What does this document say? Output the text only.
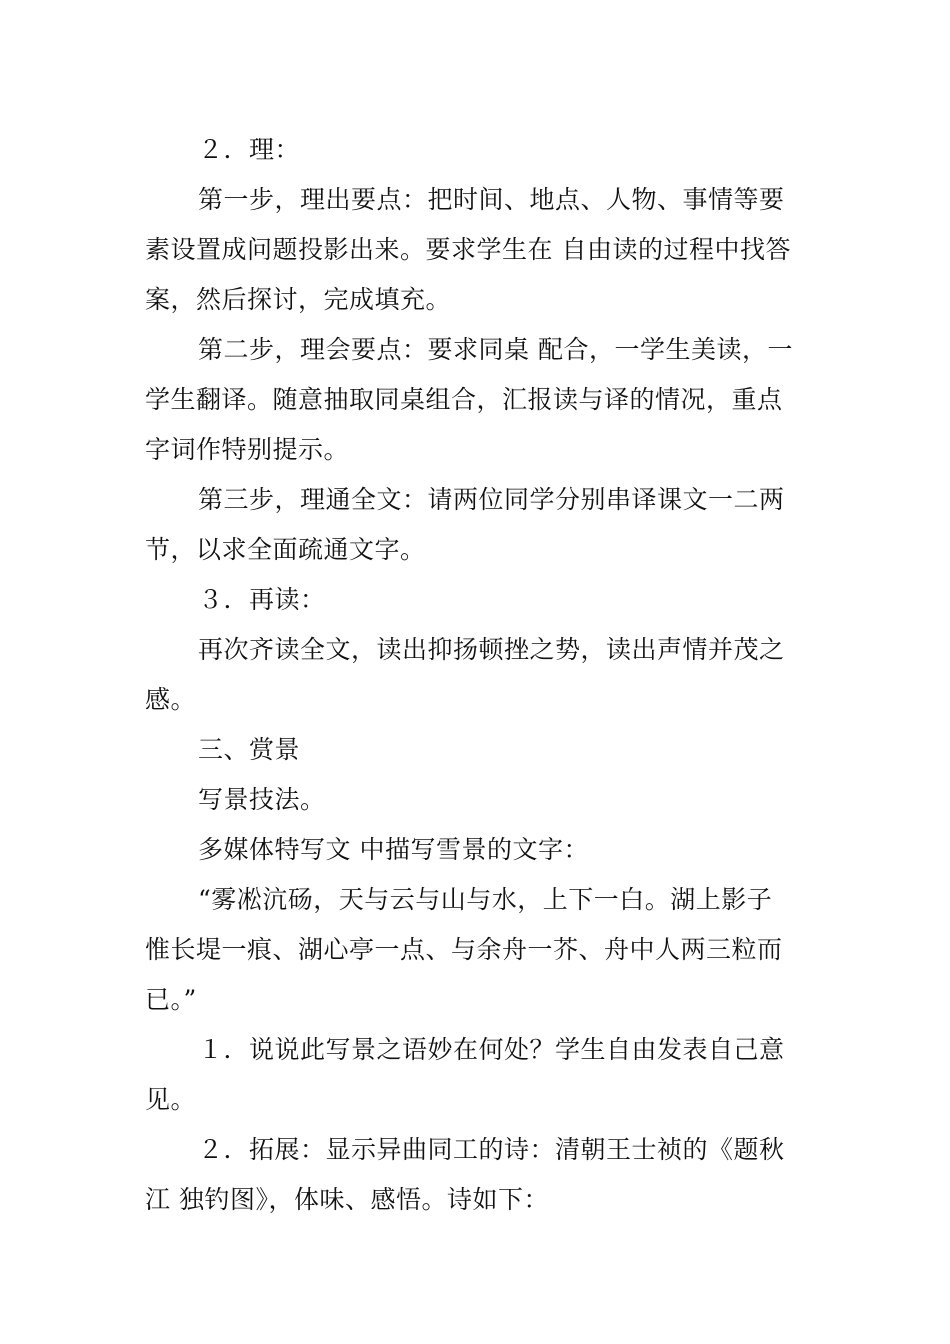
２．理：
第一步，理出要点：把时间、地点、人物、事情等要
素设置成问题投影出来。要求学生在 自由读的过程中找答
案，然后探讨，完成填充。
第二步，理会要点：要求同桌 配合，一学生美读，一
学生翻译。随意抽取同桌组合，汇报读与译的情况，重点
字词作特别提示。
第三步，理通全文：请两位同学分别串译课文一二两
节，以求全面疏通文字。
３．再读：
再次齐读全文，读出抑扬顿挫之势，读出声情并茂之
感。
三、赏景
写景技法。
多媒体特写文 中描写雪景的文字：
“雾凇沆砀，天与云与山与水，上下一白。湖上影子
惟长堤一痕、湖心亭一点、与余舟一芥、舟中人两三粒而
已。”
１．说说此写景之语妙在何处？学生自由发表自己意
见。
２．拓展：显示异曲同工的诗：清朝王士祯的《题秋
江 独钓图》，体味、感悟。诗如下：
